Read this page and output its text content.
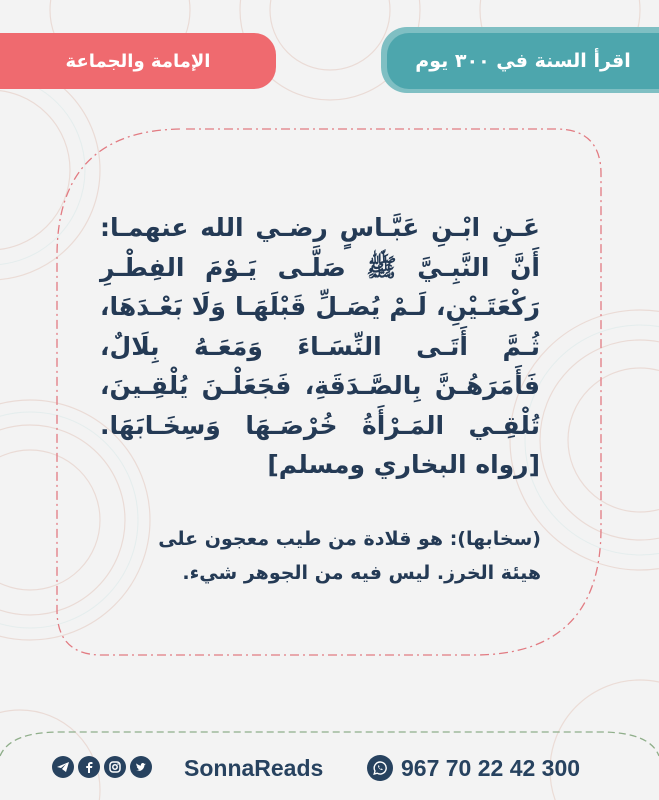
اقرأ السنة في ٣٠٠ يوم
الإمامة والجماعة
عَـنِ ابْـنِ عَبَّـاسٍ رضـي الله عنهمـا: أَنَّ النَّبِـيَّ ﷺ صَلَّـى يَـوْمَ الفِطْـرِ رَكْعَتَـيْنِ، لَـمْ يُصَـلِّ قَبْلَهَـا وَلَا بَعْـدَهَا، ثُـمَّ أَتَـى النِّسَـاءَ وَمَعَـهُ بِلَالٌ، فَأَمَرَهُـنَّ بِالصَّـدَقَةِ، فَجَعَلْـنَ يُلْقِـينَ، تُلْقِـي المَـرْأَةُ خُرْصَـهَا وَسِخَـابَهَا. [رواه البخاري ومسلم]
(سخابها): هو قلادة من طيب معجون على هيئة الخرز. ليس فيه من الجوهر شيء.
SonnaReads	967 70 22 42 300
